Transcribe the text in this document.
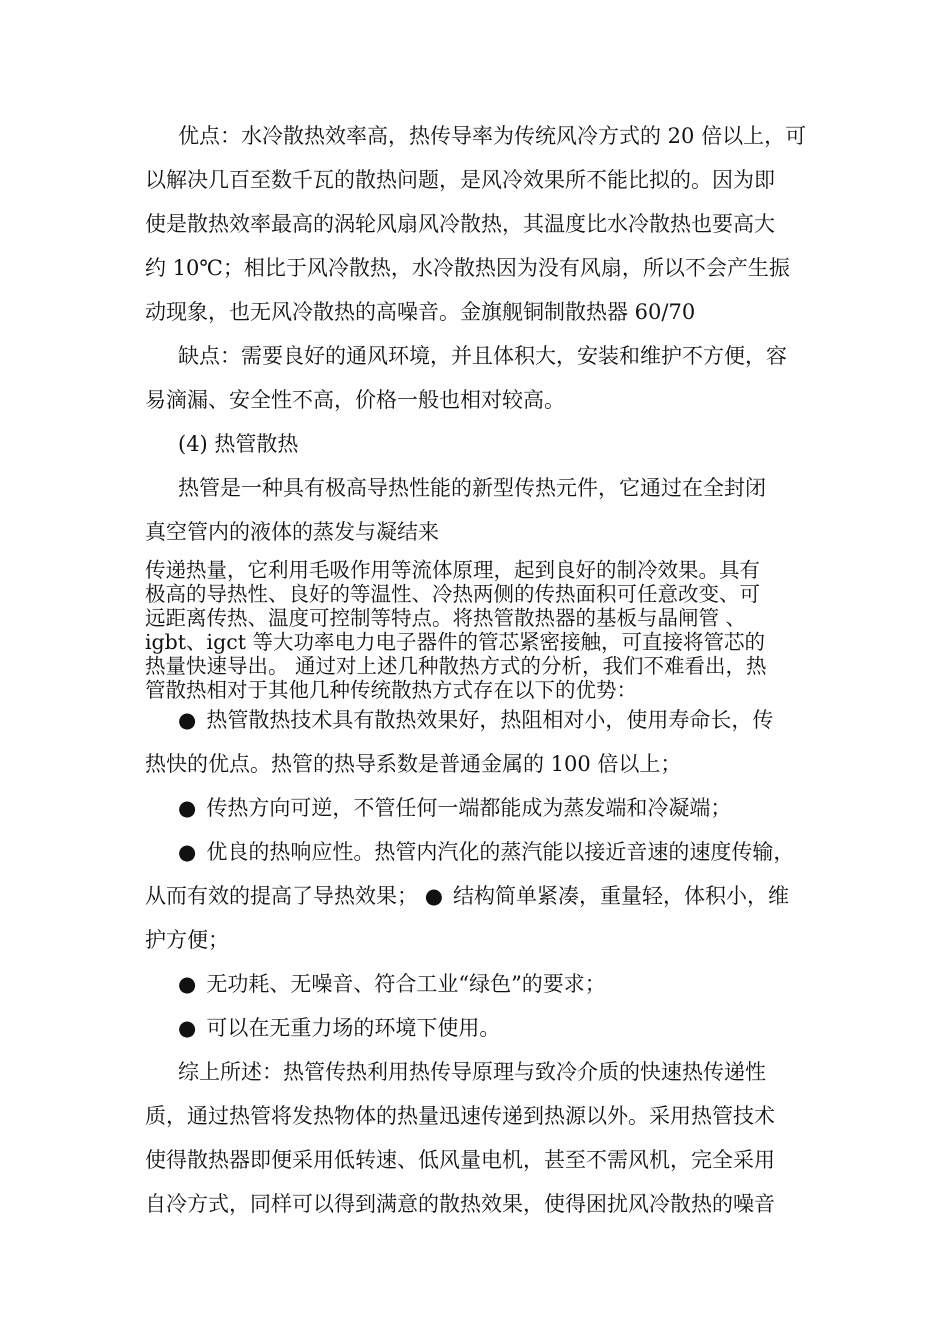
优点：水冷散热效率高，热传导率为传统风冷方式的 20 倍以上，可
以解决几百至数千瓦的散热问题，是风冷效果所不能比拟的。因为即
使是散热效率最高的涡轮风扇风冷散热，其温度比水冷散热也要高大
约 10℃；相比于风冷散热，水冷散热因为没有风扇，所以不会产生振
动现象，也无风冷散热的高噪音。金旗舰铜制散热器 60/70
缺点：需要良好的通风环境，并且体积大，安装和维护不方便，容
易滴漏、安全性不高，价格一般也相对较高。
(4) 热管散热
热管是一种具有极高导热性能的新型传热元件，它通过在全封闭
真空管内的液体的蒸发与凝结来
传递热量，它利用毛吸作用等流体原理，起到良好的制冷效果。具有
极高的导热性、良好的等温性、冷热两侧的传热面积可任意改变、可
远距离传热、温度可控制等特点。将热管散热器的基板与晶闸管 、
igbt、igct 等大功率电力电子器件的管芯紧密接触，可直接将管芯的
热量快速导出。 通过对上述几种散热方式的分析，我们不难看出，热
管散热相对于其他几种传统散热方式存在以下的优势：
● 热管散热技术具有散热效果好，热阻相对小，使用寿命长，传
热快的优点。热管的热导系数是普通金属的 100 倍以上；
● 传热方向可逆，不管任何一端都能成为蒸发端和冷凝端；
● 优良的热响应性。热管内汽化的蒸汽能以接近音速的速度传输，
从而有效的提高了导热效果； ● 结构简单紧凑，重量轻，体积小，维
护方便；
● 无功耗、无噪音、符合工业“绿色”的要求；
● 可以在无重力场的环境下使用。
综上所述：热管传热利用热传导原理与致冷介质的快速热传递性
质，通过热管将发热物体的热量迅速传递到热源以外。采用热管技术
使得散热器即便采用低转速、低风量电机，甚至不需风机，完全采用
自冷方式，同样可以得到满意的散热效果，使得困扰风冷散热的噪音
